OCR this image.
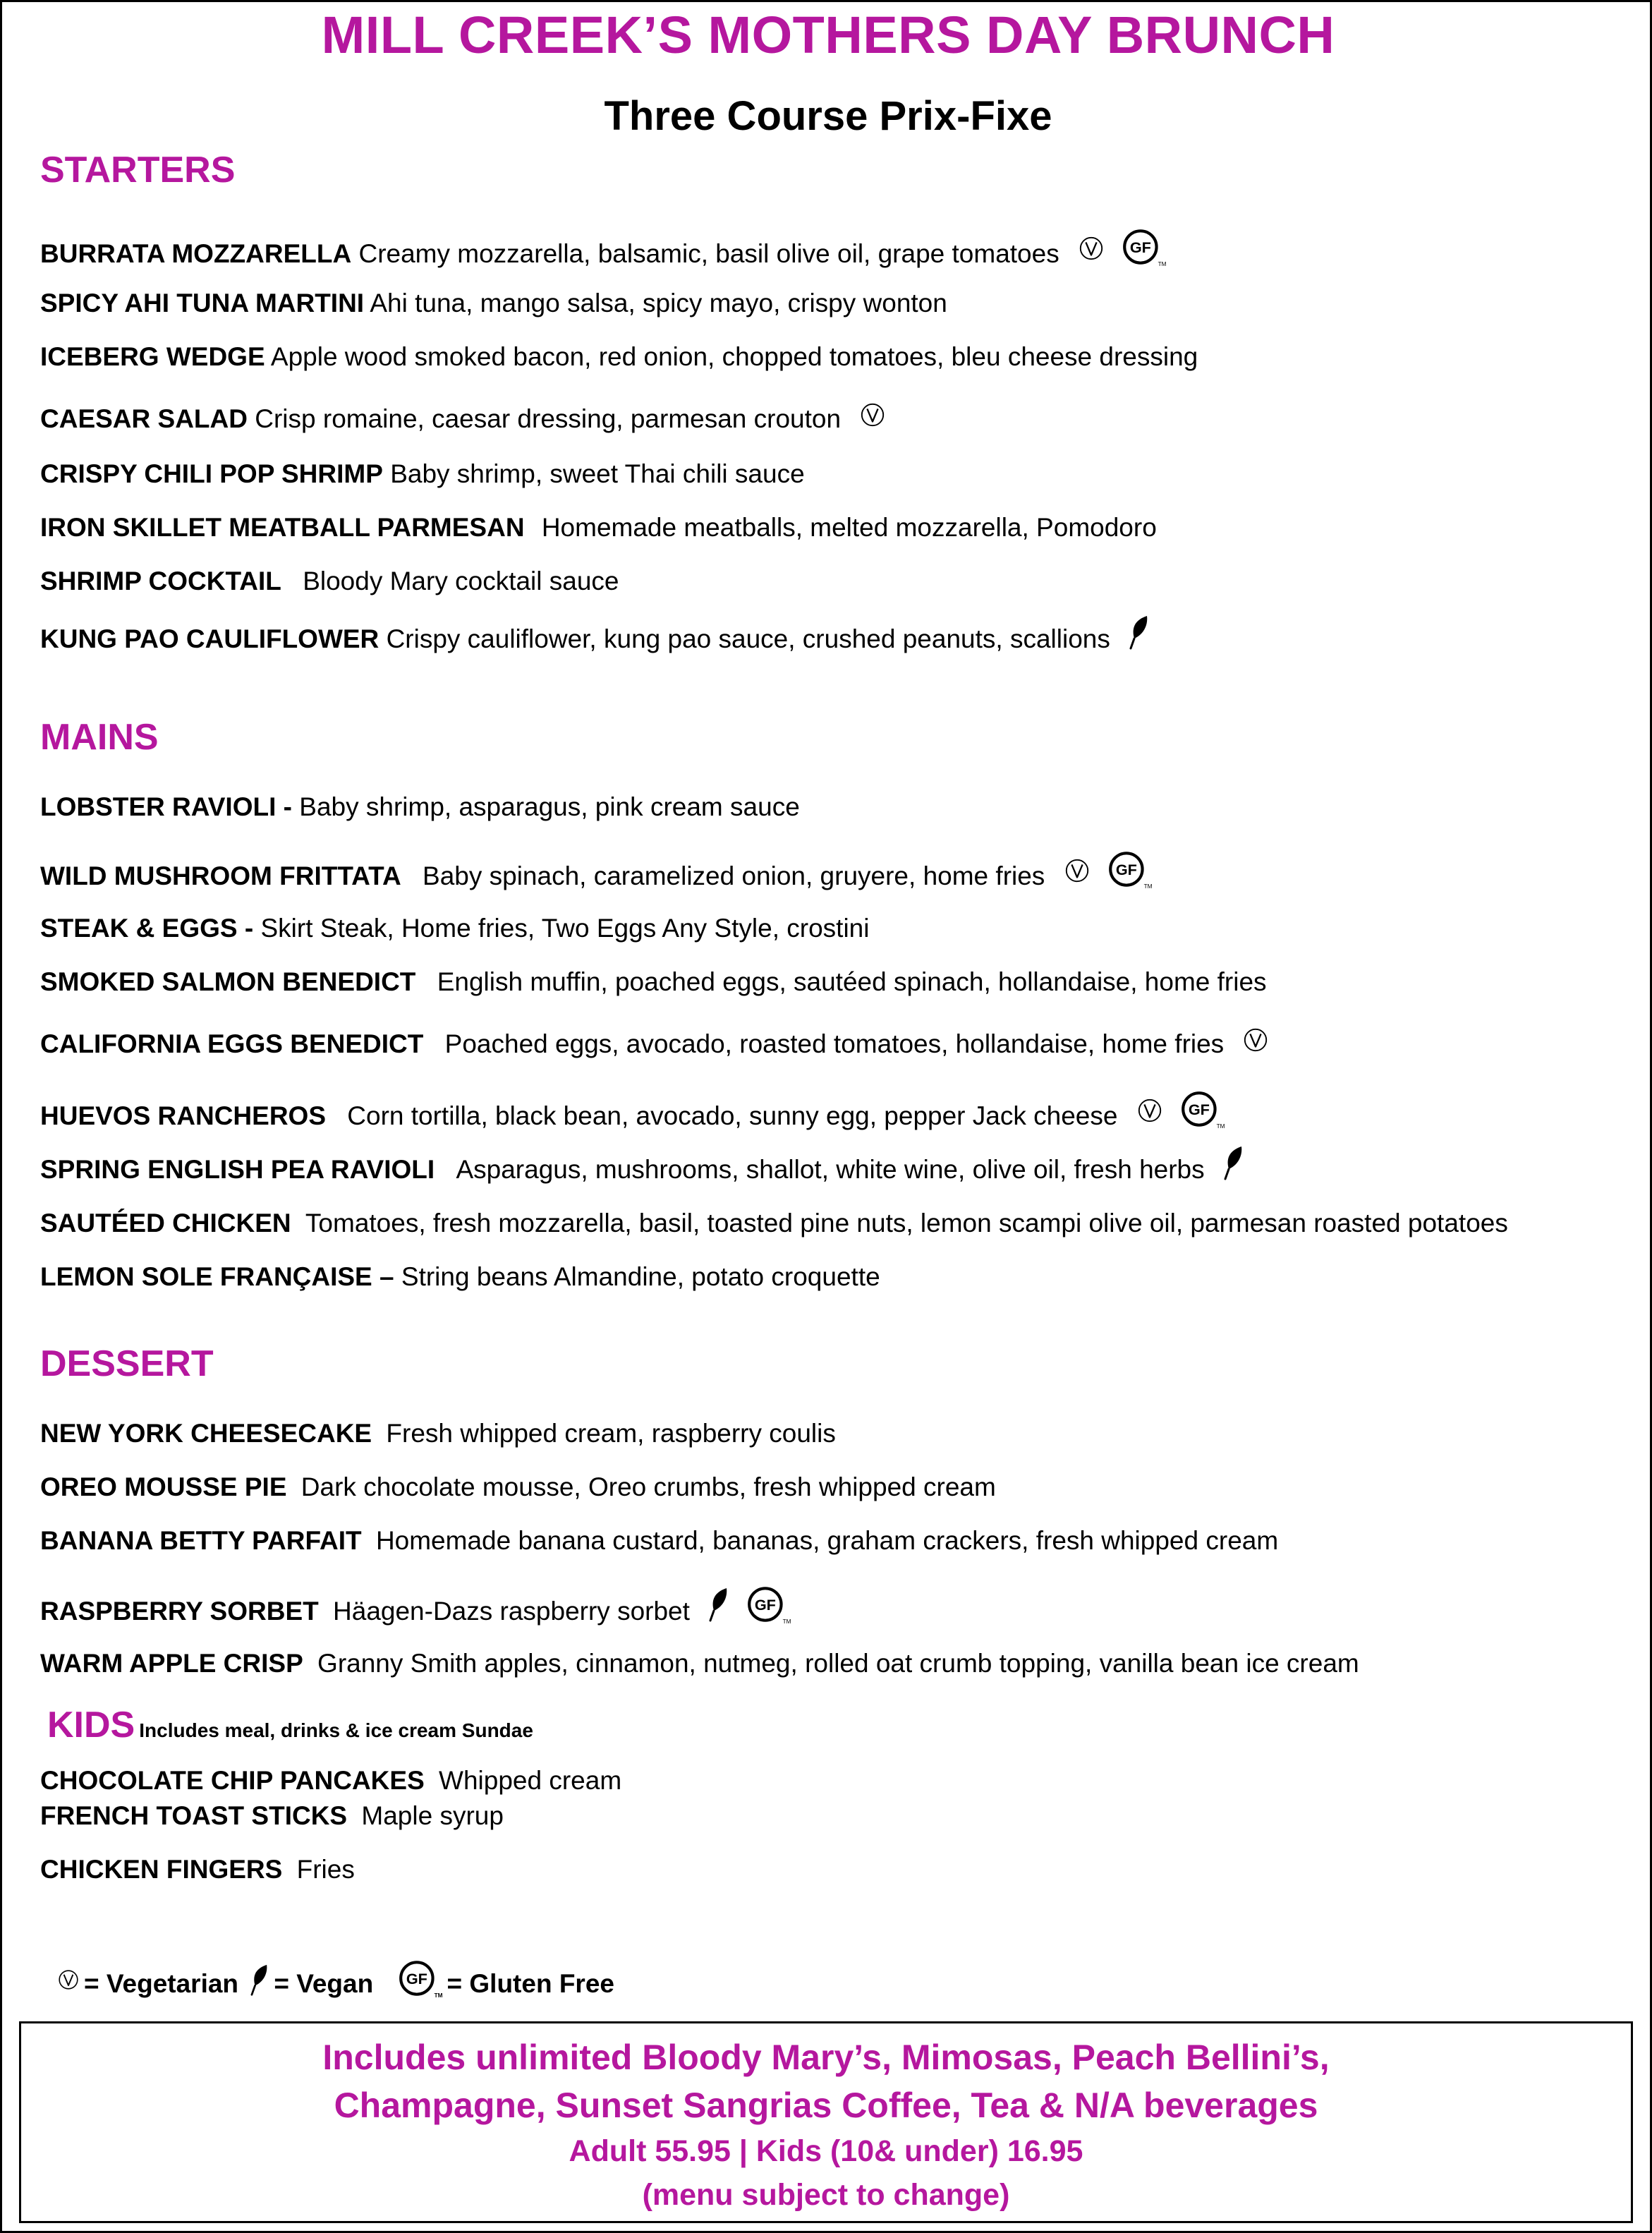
MILL CREEK’S MOTHERS DAY BRUNCH
Three Course Prix-Fixe
STARTERS
BURRATA MOZZARELLA Creamy mozzarella, balsamic, basil olive oil, grape tomatoes

SPICY AHI TUNA MARTINI Ahi tuna, mango salsa, spicy mayo, crispy wonton
ICEBERG WEDGE Apple wood smoked bacon, red onion, chopped tomatoes, bleu cheese dressing
CAESAR SALAD Crisp romaine, caesar dressing, parmesan crouton
CRISPY CHILI POP SHRIMP Baby shrimp, sweet Thai chili sauce
IRON SKILLET MEATBALL PARMESAN Homemade meatballs, melted mozzarella, Pomodoro
SHRIMP COCKTAIL Bloody Mary cocktail sauce
KUNG PAO CAULIFLOWER Crispy cauliflower, kung pao sauce, crushed peanuts, scallions
MAINS
LOBSTER RAVIOLI - Baby shrimp, asparagus, pink cream sauce
WILD MUSHROOM FRITTATA Baby spinach, caramelized onion, gruyere, home fries

STEAK & EGGS - Skirt Steak, Home fries, Two Eggs Any Style, crostini
SMOKED SALMON BENEDICT English muffin, poached eggs, sautéed spinach, hollandaise, home fries
CALIFORNIA EGGS BENEDICT Poached eggs, avocado, roasted tomatoes, hollandaise, home fries
HUEVOS RANCHEROS Corn tortilla, black bean, avocado, sunny egg, pepper Jack cheese

SPRING ENGLISH PEA RAVIOLI Asparagus, mushrooms, shallot, white wine, olive oil, fresh herbs
SAUTÉED CHICKEN Tomatoes, fresh mozzarella, basil, toasted pine nuts, lemon scampi olive oil, parmesan roasted potatoes
LEMON SOLE FRANÇAISE – String beans Almandine, potato croquette
DESSERT
NEW YORK CHEESECAKE Fresh whipped cream, raspberry coulis
OREO MOUSSE PIE Dark chocolate mousse, Oreo crumbs, fresh whipped cream
BANANA BETTY PARFAIT Homemade banana custard, bananas, graham crackers, fresh whipped cream
RASPBERRY SORBET Häagen-Dazs raspberry sorbet

WARM APPLE CRISP Granny Smith apples, cinnamon, nutmeg, rolled oat crumb topping, vanilla bean ice cream
KIDS Includes meal, drinks & ice cream Sundae
CHOCOLATE CHIP PANCAKES Whipped cream
FRENCH TOAST STICKS Maple syrup
CHICKEN FINGERS Fries
= Vegetarian = Vegan	= Gluten Free
Includes unlimited Bloody Mary’s, Mimosas, Peach Bellini’s,
Champagne, Sunset Sangrias Coffee, Tea & N/A beverages
Adult 55.95 | Kids (10& under) 16.95
(menu subject to change)
